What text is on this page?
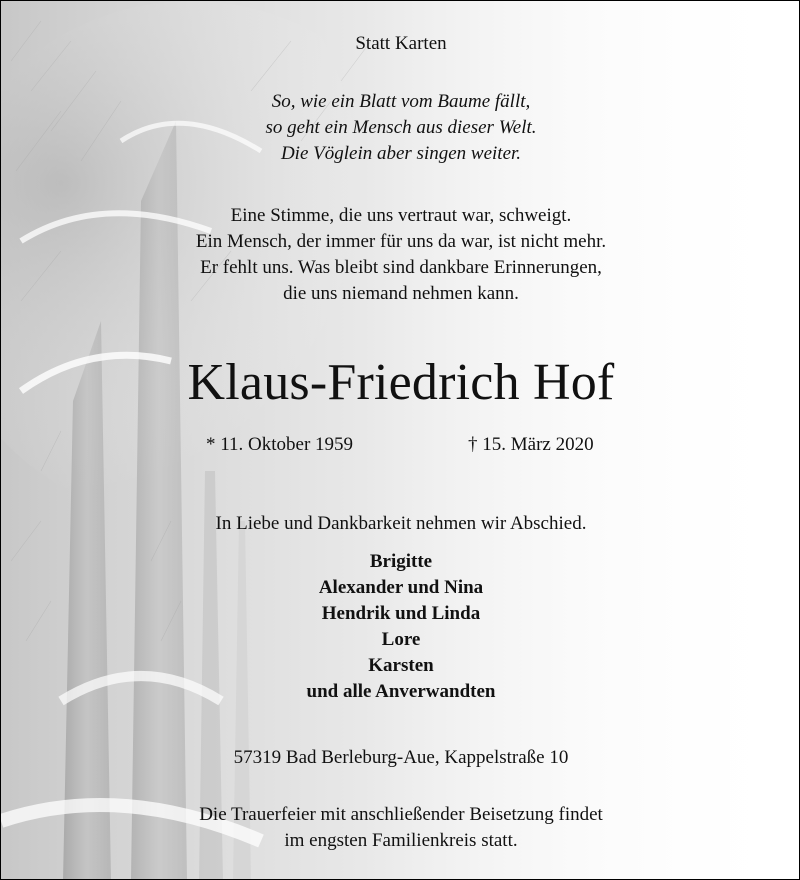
Statt Karten
So, wie ein Blatt vom Baume fällt,
so geht ein Mensch aus dieser Welt.
Die Vöglein aber singen weiter.
Eine Stimme, die uns vertraut war, schweigt.
Ein Mensch, der immer für uns da war, ist nicht mehr.
Er fehlt uns. Was bleibt sind dankbare Erinnerungen,
die uns niemand nehmen kann.
Klaus-Friedrich Hof
* 11. Oktober 1959	† 15. März 2020
In Liebe und Dankbarkeit nehmen wir Abschied.
Brigitte
Alexander und Nina
Hendrik und Linda
Lore
Karsten
und alle Anverwandten
57319 Bad Berleburg-Aue, Kappelstraße 10
Die Trauerfeier mit anschließender Beisetzung findet
im engsten Familienkreis statt.
